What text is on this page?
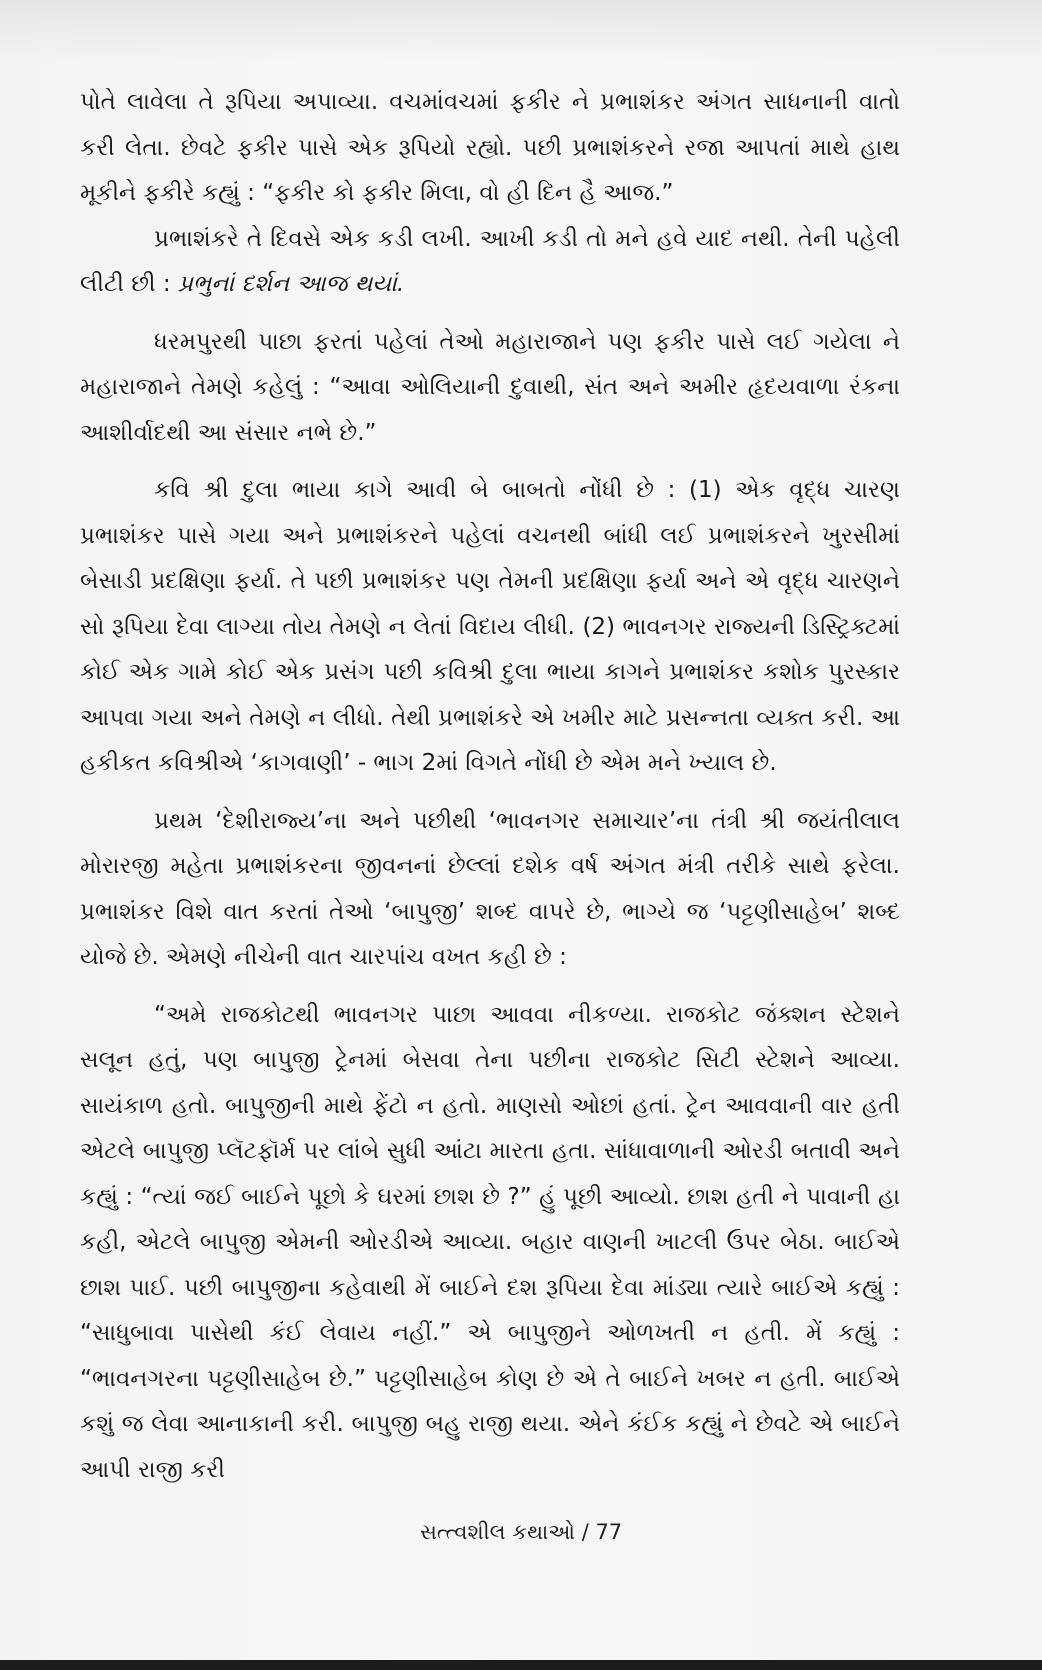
પોતે લાવેલા તે રૂપિયા અપાવ્યા. વચમાંવચમાં ફકીર ને પ્રભાશંકર અંગત સાધનાની વાતો કરી લેતા. છેવટે ફકીર પાસે એક રૂપિયો રહ્યો. પછી પ્રભાશંકરને રજા આપતાં માથે હાથ મૂકીને ફકીરે કહ્યું : “ફકીર કો ફકીર મિલા, વો હી દિન હૈ આજ.”

પ્રભાશંકરે તે દિવસે એક કડી લખી. આખી કડી તો મને હવે યાદ નથી. તેની પહેલી લીટી છી : પ્રભુનાં દર્શન આજ થયાં.

ધરમપુરથી પાછા ફરતાં પહેલાં તેઓ મહારાજાને પણ ફકીર પાસે લઈ ગયેલા ને મહારાજાને તેમણે કહેલું : “આવા ઓલિયાની દુવાથી, સંત અને અમીર હૃદયવાળા રંકના આશીર્વાદથી આ સંસાર નભે છે.”

કવિ શ્રી દુલા ભાયા કાગે આવી બે બાબતો નોંધી છે : (1) એક વૃદ્ધ ચારણ પ્રભાશંકર પાસે ગયા અને પ્રભાશંકરને પહેલાં વચનથી બાંધી લઈ પ્રભાશંકરને ખુરસીમાં બેસાડી પ્રદક્ષિણા ફર્યા. તે પછી પ્રભાશંકર પણ તેમની પ્રદક્ષિણા ફર્યા અને એ વૃદ્ધ ચારણને સો રૂપિયા દેવા લાગ્યા તોય તેમણે ન લેતાં વિદાય લીધી. (2) ભાવનગર રાજ્યની ડિસ્ટ્રિક્ટમાં કોઈ એક ગામે કોઈ એક પ્રસંગ પછી કવિશ્રી દુલા ભાયા કાગને પ્રભાશંકર કશોક પુરસ્કાર આપવા ગયા અને તેમણે ન લીધો. તેથી પ્રભાશંકરે એ ખમીર માટે પ્રસન્નતા વ્યક્ત કરી. આ હકીકત કવિશ્રીએ ‘કાગવાણી’ - ભાગ 2માં વિગતે નોંધી છે એમ મને ખ્યાલ છે.

પ્રથમ ‘દેશીરાજ્ય’ના અને પછીથી ‘ભાવનગર સમાચાર’ના તંત્રી શ્રી જયંતીલાલ મોરારજી મહેતા પ્રભાશંકરના જીવનનાં છેલ્લાં દશેક વર્ષ અંગત મંત્રી તરીકે સાથે ફરેલા. પ્રભાશંકર વિશે વાત કરતાં તેઓ ‘બાપુજી’ શબ્દ વાપરે છે, ભાગ્યે જ ‘પટ્ટણીસાહેબ’ શબ્દ યોજે છે. એમણે નીચેની વાત ચારપાંચ વખત કહી છે :

“અમે રાજકોટથી ભાવનગર પાછા આવવા નીકળ્યા. રાજકોટ જંક્શન સ્ટેશને સલૂન હતું, પણ બાપુજી ટ્રેનમાં બેસવા તેના પછીના રાજકોટ સિટી સ્ટેશને આવ્યા. સાયંકાળ હતો. બાપુજીની માથે ફેંટો ન હતો. માણસો ઓછાં હતાં. ટ્રેન આવવાની વાર હતી એટલે બાપુજી પ્લૅટફૉર્મ પર લાંબે સુધી આંટા મારતા હતા. સાંધાવાળાની ઓરડી બતાવી અને કહ્યું : “ત્યાં જઈ બાઈને પૂછો કે ઘરમાં છાશ છે ?” હું પૂછી આવ્યો. છાશ હતી ને પાવાની હા કહી, એટલે બાપુજી એમની ઓરડીએ આવ્યા. બહાર વાણની ખાટલી ઉપર બેઠા. બાઈએ છાશ પાઈ. પછી બાપુજીના કહેવાથી મેં બાઈને દશ રૂપિયા દેવા માંડ્યા ત્યારે બાઈએ કહ્યું : “સાધુબાવા પાસેથી કંઈ લેવાય નહીં.” એ બાપુજીને ઓળખતી ન હતી. મેં કહ્યું : “ભાવનગરના પટ્ટણીસાહેબ છે.” પટ્ટણીસાહેબ કોણ છે એ તે બાઈને ખબર ન હતી. બાઈએ કશું જ લેવા આનાકાની કરી. બાપુજી બહુ રાજી થયા. એને કંઈક કહ્યું ને છેવટે એ બાઈને આપી રાજી કરી

સત્ત્વશીલ કથાઓ / 77
